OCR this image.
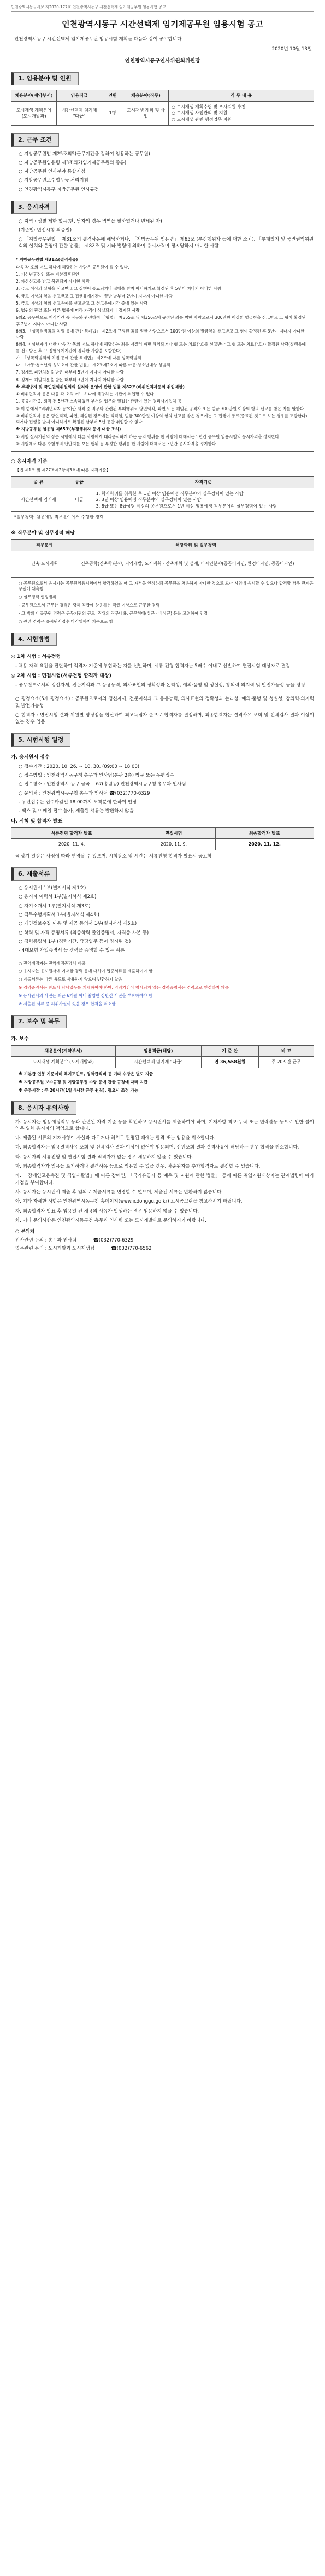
인천광역시동구시보 제2020-177호 인천광역시동구 시간선택제 임기제공무원 임용시험 공고
인천광역시동구 시간선택제 임기제공무원 임용시험 공고
인천광역시동구 시간선택제 임기제공무원 임용시험 계획을 다음과 같이 공고합니다.
2020년 10월 13일
인천광역시동구인사위원회위원장
1. 임용분야 및 인원
채용분야(계약부서)	임용직급	인원	채용분야(직무)	직 무 내 용
도시재생 계획분야 (도시개발과)	시간선택제 임기제 "다급"	1명	도시재생 계획 및 사업	○ 도시재생 계획수립 및 조사지원 추진
○ 도시재생 사업관리 및 지원
○ 도시재생 관련 행정업무 지원
2. 근무 조건
○ 지방공무원법 제25조의5(근무기간을 정하여 임용하는 공무원)
○ 지방공무원임용령 제3조의2(임기제공무원의 종류)
○ 지방공무원 인사분야 통합지침
○ 지방공무원보수업무등 처리지침
○ 인천광역시동구 지방공무원 인사규정
3. 응시자격
○ 지역 · 성별 제한 없음(단, 남자의 경우 병역을 필하였거나 면제된 자)
(기준일: 면접시험 최종일)
○ 「지방공무원법」 제31조의 결격사유에 해당하거나, 「지방공무원 임용령」 제65조 (부정행위자 등에 대한 조치), 「부패방지 및 국민권익위원회의 설치와 운영에 관한 법률」 제82조 및 기타 법령에 의하여 응시자격이 정지당하지 아니한 사람

* 지방공무원법 제31조(결격사유)

다음 각 호의 어느 하나에 해당하는 사람은 공무원이 될 수 없다.

1. 피성년후견인 또는 피한정후견인

2. 파산선고를 받고 복권되지 아니한 사람

3. 금고 이상의 실형을 선고받고 그 집행이 종료되거나 집행을 받지 아니하기로 확정된 후 5년이 지나지 아니한 사람

4. 금고 이상의 형을 선고받고 그 집행유예기간이 끝난 날부터 2년이 지나지 아니한 사람

5. 금고 이상의 형의 선고유예를 선고받고 그 선고유예기간 중에 있는 사람

6. 법원의 판결 또는 다른 법률에 따라 자격이 상실되거나 정지된 사람

6의2. 공무원으로 재직기간 중 직무와 관련하여 「형법」 제355조 및 제356조에 규정된 죄를 범한 사람으로서 300만원 이상의 벌금형을 선고받고 그 형이 확정된 후 2년이 지나지 아니한 사람

6의3. 「성폭력범죄의 처벌 등에 관한 특례법」 제2조에 규정된 죄를 범한 사람으로서 100만원 이상의 벌금형을 선고받고 그 형이 확정된 후 3년이 지나지 아니한 사람

6의4. 미성년자에 대한 다음 각 목의 어느 하나에 해당하는 죄를 저질러 파면·해임되거나 형 또는 치료감호를 선고받아 그 형 또는 치료감호가 확정된 사람(집행유예를 선고받은 후 그 집행유예기간이 경과한 사람을 포함한다)

가. 「성폭력범죄의 처벌 등에 관한 특례법」 제2조에 따른 성폭력범죄

나. 「아동·청소년의 성보호에 관한 법률」 제2조제2호에 따른 아동·청소년대상 성범죄

7. 징계로 파면처분을 받은 때부터 5년이 지나지 아니한 사람

8. 징계로 해임처분을 받은 때부터 3년이 지나지 아니한 사람

※ 부패방지 및 국민권익위원회의 설치와 운영에 관한 법률 제82조(비위면직자등의 취업제한)

① 비위면직자 등은 다음 각 호의 어느 하나에 해당하는 기관에 취업할 수 없다.

1. 공공기관 2. 퇴직 전 5년간 소속하였던 부서의 업무와 밀접한 관련이 있는 영리사기업체 등

② 이 법에서 "비위면직자 등"이란 재직 중 직무와 관련된 부패행위로 당연퇴직, 파면 또는 해임된 공직자 또는 벌금 300만원 이상의 형의 선고를 받은 자를 말한다.

③ 비위면직자 등은 당연퇴직, 파면, 해임된 경우에는 퇴직일, 벌금 300만원 이상의 형의 선고를 받은 경우에는 그 집행이 종료(종료된 것으로 보는 경우를 포함한다)되거나 집행을 받지 아니하기로 확정된 날부터 5년 동안 취업할 수 없다.

※ 지방공무원 임용령 제65조(부정행위자 등에 대한 조치)

① 시험 실시기관의 장은 시험에서 다른 사람에게 대리응시하게 하는 등의 행위를 한 사람에 대해서는 5년간 공무원 임용시험의 응시자격을 정지한다.

② 시험에서 다른 수험생의 답안지를 보는 행위 등 부정한 행위를 한 사람에 대해서는 3년간 응시자격을 정지한다.

○ 응시자격 기준
【법 제1조 및 제27조제2항제3호에 따른 자격기준】
종 류	등급	자격기준
시간선택제 임기제	다급	1. 학사학위를 취득한 후 1년 이상 임용예정 직무분야의 실무경력이 있는 사람
2. 3년 이상 임용예정 직무분야의 실무경력이 있는 사람
3. 8급 또는 8급상당 이상의 공무원으로서 1년 이상 임용예정 직무분야의 실무경력이 있는 사람

*실무경력: 임용예정 직무분야에서 수행한 경력		
※ 직무분야 및 실무경력 해당
직무분야	해당학위 및 실무경력
건축·도시계획	건축공학(건축학)분야, 지역개발, 도시계획 · 간축계획 및 설계, 디자인분야(공공디자인, 환경디자인, 공공디자인)
○ 공무원으로서 응시자는 공무원임용시험에서 합격하였을 때 그 자격을 인정하되 공무원을 채용하지 아니한 것으로 보아 시험에 응시할 수 있으나 합격할 경우 관계공무원에 위촉함.
○ 실무경력 인정범위
- 공무원으로서 근무한 경력은 당해 직급에 상응하는 직급 이상으로 근무한 경력
- 그 밖의 비공무원 경력은 근무기관의 규모, 직위의 직무내용, 근무형태(상근 · 비상근) 등을 고려하여 인정
○ 관련 경력은 응시원서접수 마감일까지 기준으로 함
4. 시험방법
◎ 1차 시험 : 서류전형
- 채용 자격 요건을 판단하여 적격자 기준에 부합하는 자를 선발하며, 서류 전형 합격자는 5배수 이내로 선발하여 면접시험 대상자로 결정
◎ 2차 시험 : 면접시험(서류전형 합격자 대상)
- 공무원으로서의 정신자세, 전문지식과 그 응용능력, 의사표현의 정확성과 논리성, 예의·품행 및 성실성, 창의력·의지력 및 발전가능성 등을 평정
○ 평정요소(5개 평정요소) : 공무원으로서의 정신자세, 전문지식과 그 응용능력, 의사표현의 정확성과 논리성, 예의·품행 및 성실성, 창의력·의지력 및 발전가능성
○ 합격자 : 면접시험 결과 위원별 평정점을 합산하여 최고득점자 순으로 합격자를 결정하며, 최종합격자는 결격사유 조회 및 신체검사 결과 이상이 없는 경우 임용
5. 시험시행 일정
가. 응시원서 접수
○ 접수기간 : 2020. 10. 26. ~ 10. 30. (09:00 ~ 18:00)
○ 접수방법 : 인천광역시동구청 총무과 인사팀(본관 2층) 방문 또는 우편접수
○ 접수장소 : 인천광역시 동구 금곡로 67(송림동) 인천광역시동구청 총무과 인사팀
○ 문의처 : 인천광역시동구청 총무과 인사팀 ☎(032)770-6329
- 우편접수는 접수마감일 18:00까지 도착분에 한하여 인정
- 팩스 및 이메일 접수 불가, 제출된 서류는 반환하지 않음
나. 시험 및 합격자 발표
서류전형 합격자 발표	면접시험	최종합격자 발표
2020. 11. 4.	2020. 11. 9.	2020. 11. 12.
※ 상기 일정은 사정에 따라 변경될 수 있으며, 시험장소 및 시간은 서류전형 합격자 발표시 공고함
6. 제출서류
○ 응시원서 1부(별지서식 제1호)
○ 응시자 이력서 1부(별지서식 제2호)
○ 자기소개서 1부(별지서식 제3호)
○ 직무수행계획서 1부(별지서식 제4호)
○ 개인정보수집 이용 및 제공 동의서 1부(별지서식 제5호)
○ 학력 및 자격 증명서류 (최종학력 졸업증명서, 자격증 사본 등)
○ 경력증명서 1부 (경력기간, 담당업무 등이 명시된 것)
- 4대보험 가입증명서 등 경력을 증명할 수 있는 서류
○ 전역예정자는 전역예정증명서 제출
○ 응시자는 응시원서에 기재한 경력 등에 대하여 입증서류를 제출하여야 함
○ 제출서류는 다른 용도로 사용하지 않으며 반환하지 않음
※ 경력증명서는 반드시 담당업무를 기재하여야 하며, 경력기간이 명시되지 않은 경력증명서는 경력으로 인정하지 않음
※ 응시원서의 사진은 최근 6개월 이내 촬영한 상반신 사진을 부착하여야 함
※ 제출된 서류 중 허위사실이 있을 경우 합격을 취소함
7. 보수 및 복무
가. 보수
채용분야(계약부서)	임용직급(해당)	기 준 안	비 고
도시재생 계획분야 (도시개발과)	시간선택제 임기제 "다급"	연 36,558천원	주 20시간 근무
※ 기본급 연봉 기준이며 복지포인트, 정액급식비 등 기타 수당은 별도 지급
※ 지방공무원 보수규정 및 지방공무원 수당 등에 관한 규정에 따라 지급
※ 근무시간 : 주 20시간(1일 4시간 근무 원칙), 필요시 조정 가능
8. 응시자 유의사항
가. 응시자는 임용예정직무 등과 관련된 자격 기준 등을 확인하고 응시원서를 제출하여야 하며, 기재사항 착오·누락 또는 연락불능 등으로 인한 불이익은 일체 응시자의 책임으로 합니다.
나. 제출된 서류의 기재사항이 사실과 다르거나 허위로 판명된 때에는 합격 또는 임용을 취소합니다.
다. 최종합격자는 임용결격사유 조회 및 신체검사 결과 이상이 없어야 임용되며, 신원조회 결과 결격사유에 해당하는 경우 합격을 취소합니다.
라. 응시자의 서류전형 및 면접시험 결과 적격자가 없는 경우 채용하지 않을 수 있습니다.
마. 최종합격자가 임용을 포기하거나 결격사유 등으로 임용할 수 없을 경우, 차순위자를 추가합격자로 결정할 수 있습니다.
바. 「장애인고용촉진 및 직업재활법」에 따른 장애인, 「국가유공자 등 예우 및 지원에 관한 법률」 등에 따른 취업지원대상자는 관계법령에 따라 가점을 부여합니다.
사. 응시자는 응시원서 제출 후 임의로 제출서류를 변경할 수 없으며, 제출된 서류는 반환하지 않습니다.
아. 기타 자세한 사항은 인천광역시동구청 홈페이지(www.icdonggu.go.kr) 고시공고란을 참고하시기 바랍니다.
자. 최종합격자 발표 후 임용일 전 채용의 사유가 발생하는 경우 임용하지 않을 수 있습니다.
차. 기타 문의사항은 인천광역시동구청 총무과 인사팀 또는 도시개발과로 문의하시기 바랍니다.
○ 문의처
인사관련 문의 : 총무과 인사팀	☎(032)770-6329
업무관련 문의 : 도시개발과 도시재생팀	☎(032)770-6562
